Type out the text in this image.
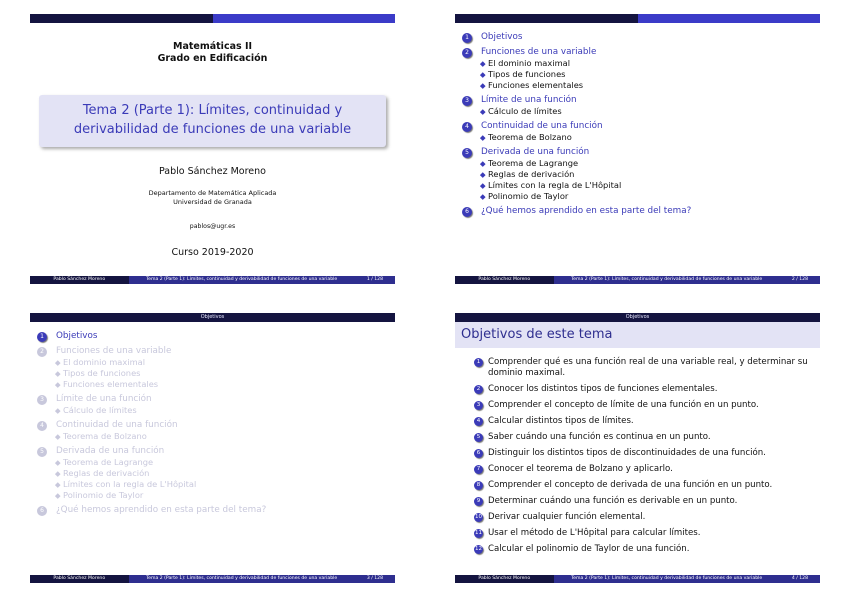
Matemáticas II
Grado en Edificación
Tema 2 (Parte 1): Límites, continuidad y derivabilidad de funciones de una variable
Pablo Sánchez Moreno
Departamento de Matemática Aplicada
Universidad de Granada
pablos@ugr.es
Curso 2019-2020
Pablo Sánchez Moreno	Tema 2 (Parte 1): Límites, continuidad y derivabilidad de funciones de una variable	1 / 128
1	Objetivos
2	Funciones de una variable
El dominio maximal
Tipos de funciones
Funciones elementales
3	Límite de una función
Cálculo de límites
4	Continuidad de una función
Teorema de Bolzano
5	Derivada de una función
Teorema de Lagrange
Reglas de derivación
Límites con la regla de L'Hôpital
Polinomio de Taylor
6	¿Qué hemos aprendido en esta parte del tema?
Pablo Sánchez Moreno	Tema 2 (Parte 1): Límites, continuidad y derivabilidad de funciones de una variable	2 / 128
Objetivos
1	Objetivos
2	Funciones de una variable
El dominio maximal
Tipos de funciones
Funciones elementales
3	Límite de una función
Cálculo de límites
4	Continuidad de una función
Teorema de Bolzano
5	Derivada de una función
Teorema de Lagrange
Reglas de derivación
Límites con la regla de L'Hôpital
Polinomio de Taylor
6	¿Qué hemos aprendido en esta parte del tema?
Pablo Sánchez Moreno	Tema 2 (Parte 1): Límites, continuidad y derivabilidad de funciones de una variable	3 / 128
Objetivos
Objetivos de este tema
1 Comprender qué es una función real de una variable real, y determinar su dominio maximal.
2 Conocer los distintos tipos de funciones elementales.
3 Comprender el concepto de límite de una función en un punto.
4 Calcular distintos tipos de límites.
5 Saber cuándo una función es continua en un punto.
6 Distinguir los distintos tipos de discontinuidades de una función.
7 Conocer el teorema de Bolzano y aplicarlo.
8 Comprender el concepto de derivada de una función en un punto.
9 Determinar cuándo una función es derivable en un punto.
10 Derivar cualquier función elemental.
11 Usar el método de L'Hôpital para calcular límites.
12 Calcular el polinomio de Taylor de una función.
Pablo Sánchez Moreno	Tema 2 (Parte 1): Límites, continuidad y derivabilidad de funciones de una variable	4 / 128
